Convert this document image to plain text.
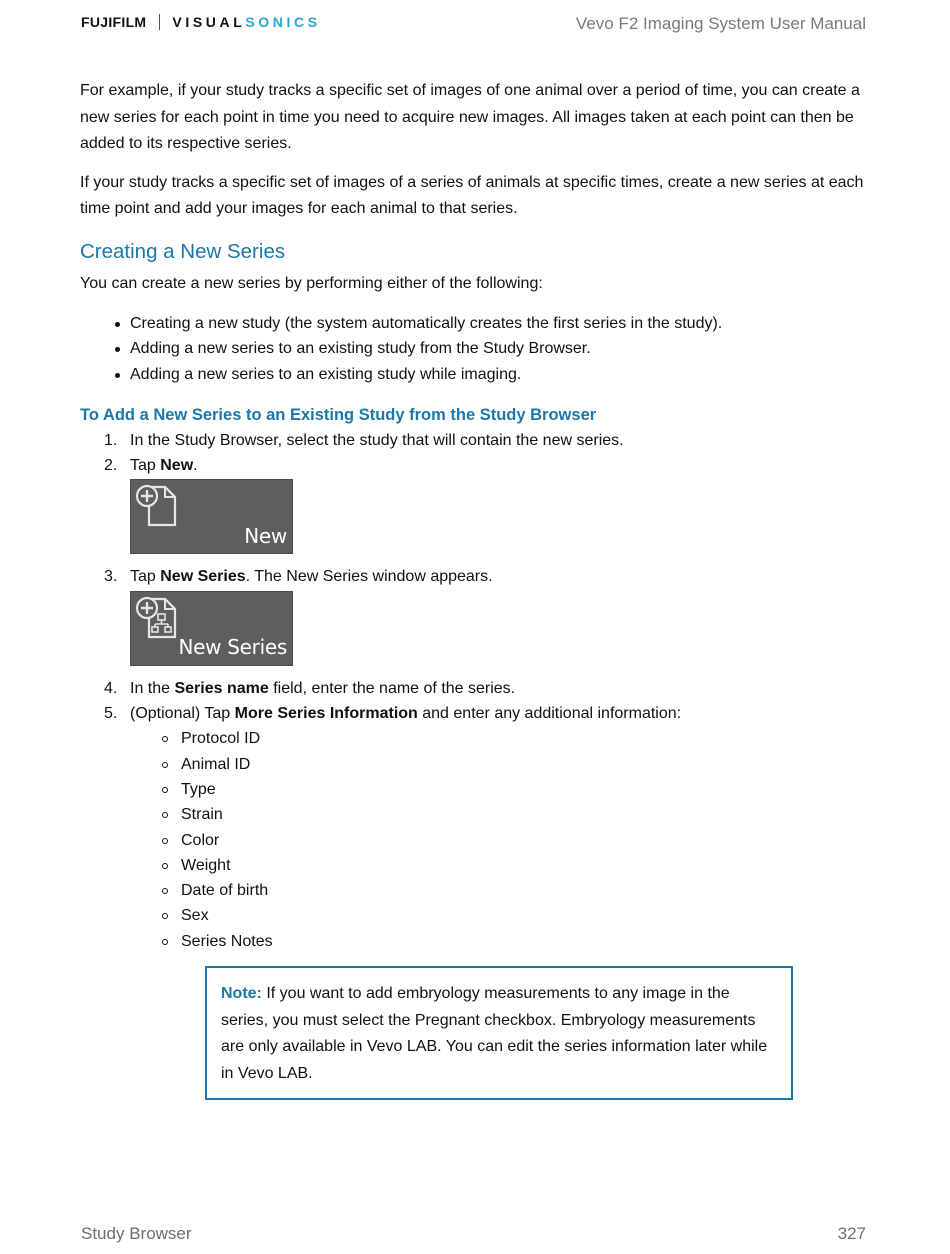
FUJIFILM VISUAL SONICS	Vevo F2 Imaging System User Manual

For example, if your study tracks a specific set of images of one animal over a period of time, you can create a new series for each point in time you need to acquire new images. All images taken at each point can then be added to its respective series.

If your study tracks a specific set of images of a series of animals at specific times, create a new series at each time point and add your images for each animal to that series.

Creating a New Series

You can create a new series by performing either of the following:

Creating a new study (the system automatically creates the first series in the study).
Adding a new series to an existing study from the Study Browser.
Adding a new series to an existing study while imaging.
To Add a New Series to an Existing Study from the Study Browser
1. In the Study Browser, select the study that will contain the new series.
2. Tap New.
New
3. Tap New Series. The New Series window appears.
New Series
4. In the Series name field, enter the name of the series.
5. (Optional) Tap More Series Information and enter any additional information:
Protocol ID
Animal ID
Type
Strain
Color
Weight
Date of birth
Sex
Series Notes
Note: If you want to add embryology measurements to any image in the series, you must select the Pregnant checkbox. Embryology measurements are only available in Vevo LAB. You can edit the series information later while in Vevo LAB.
Study Browser	327
